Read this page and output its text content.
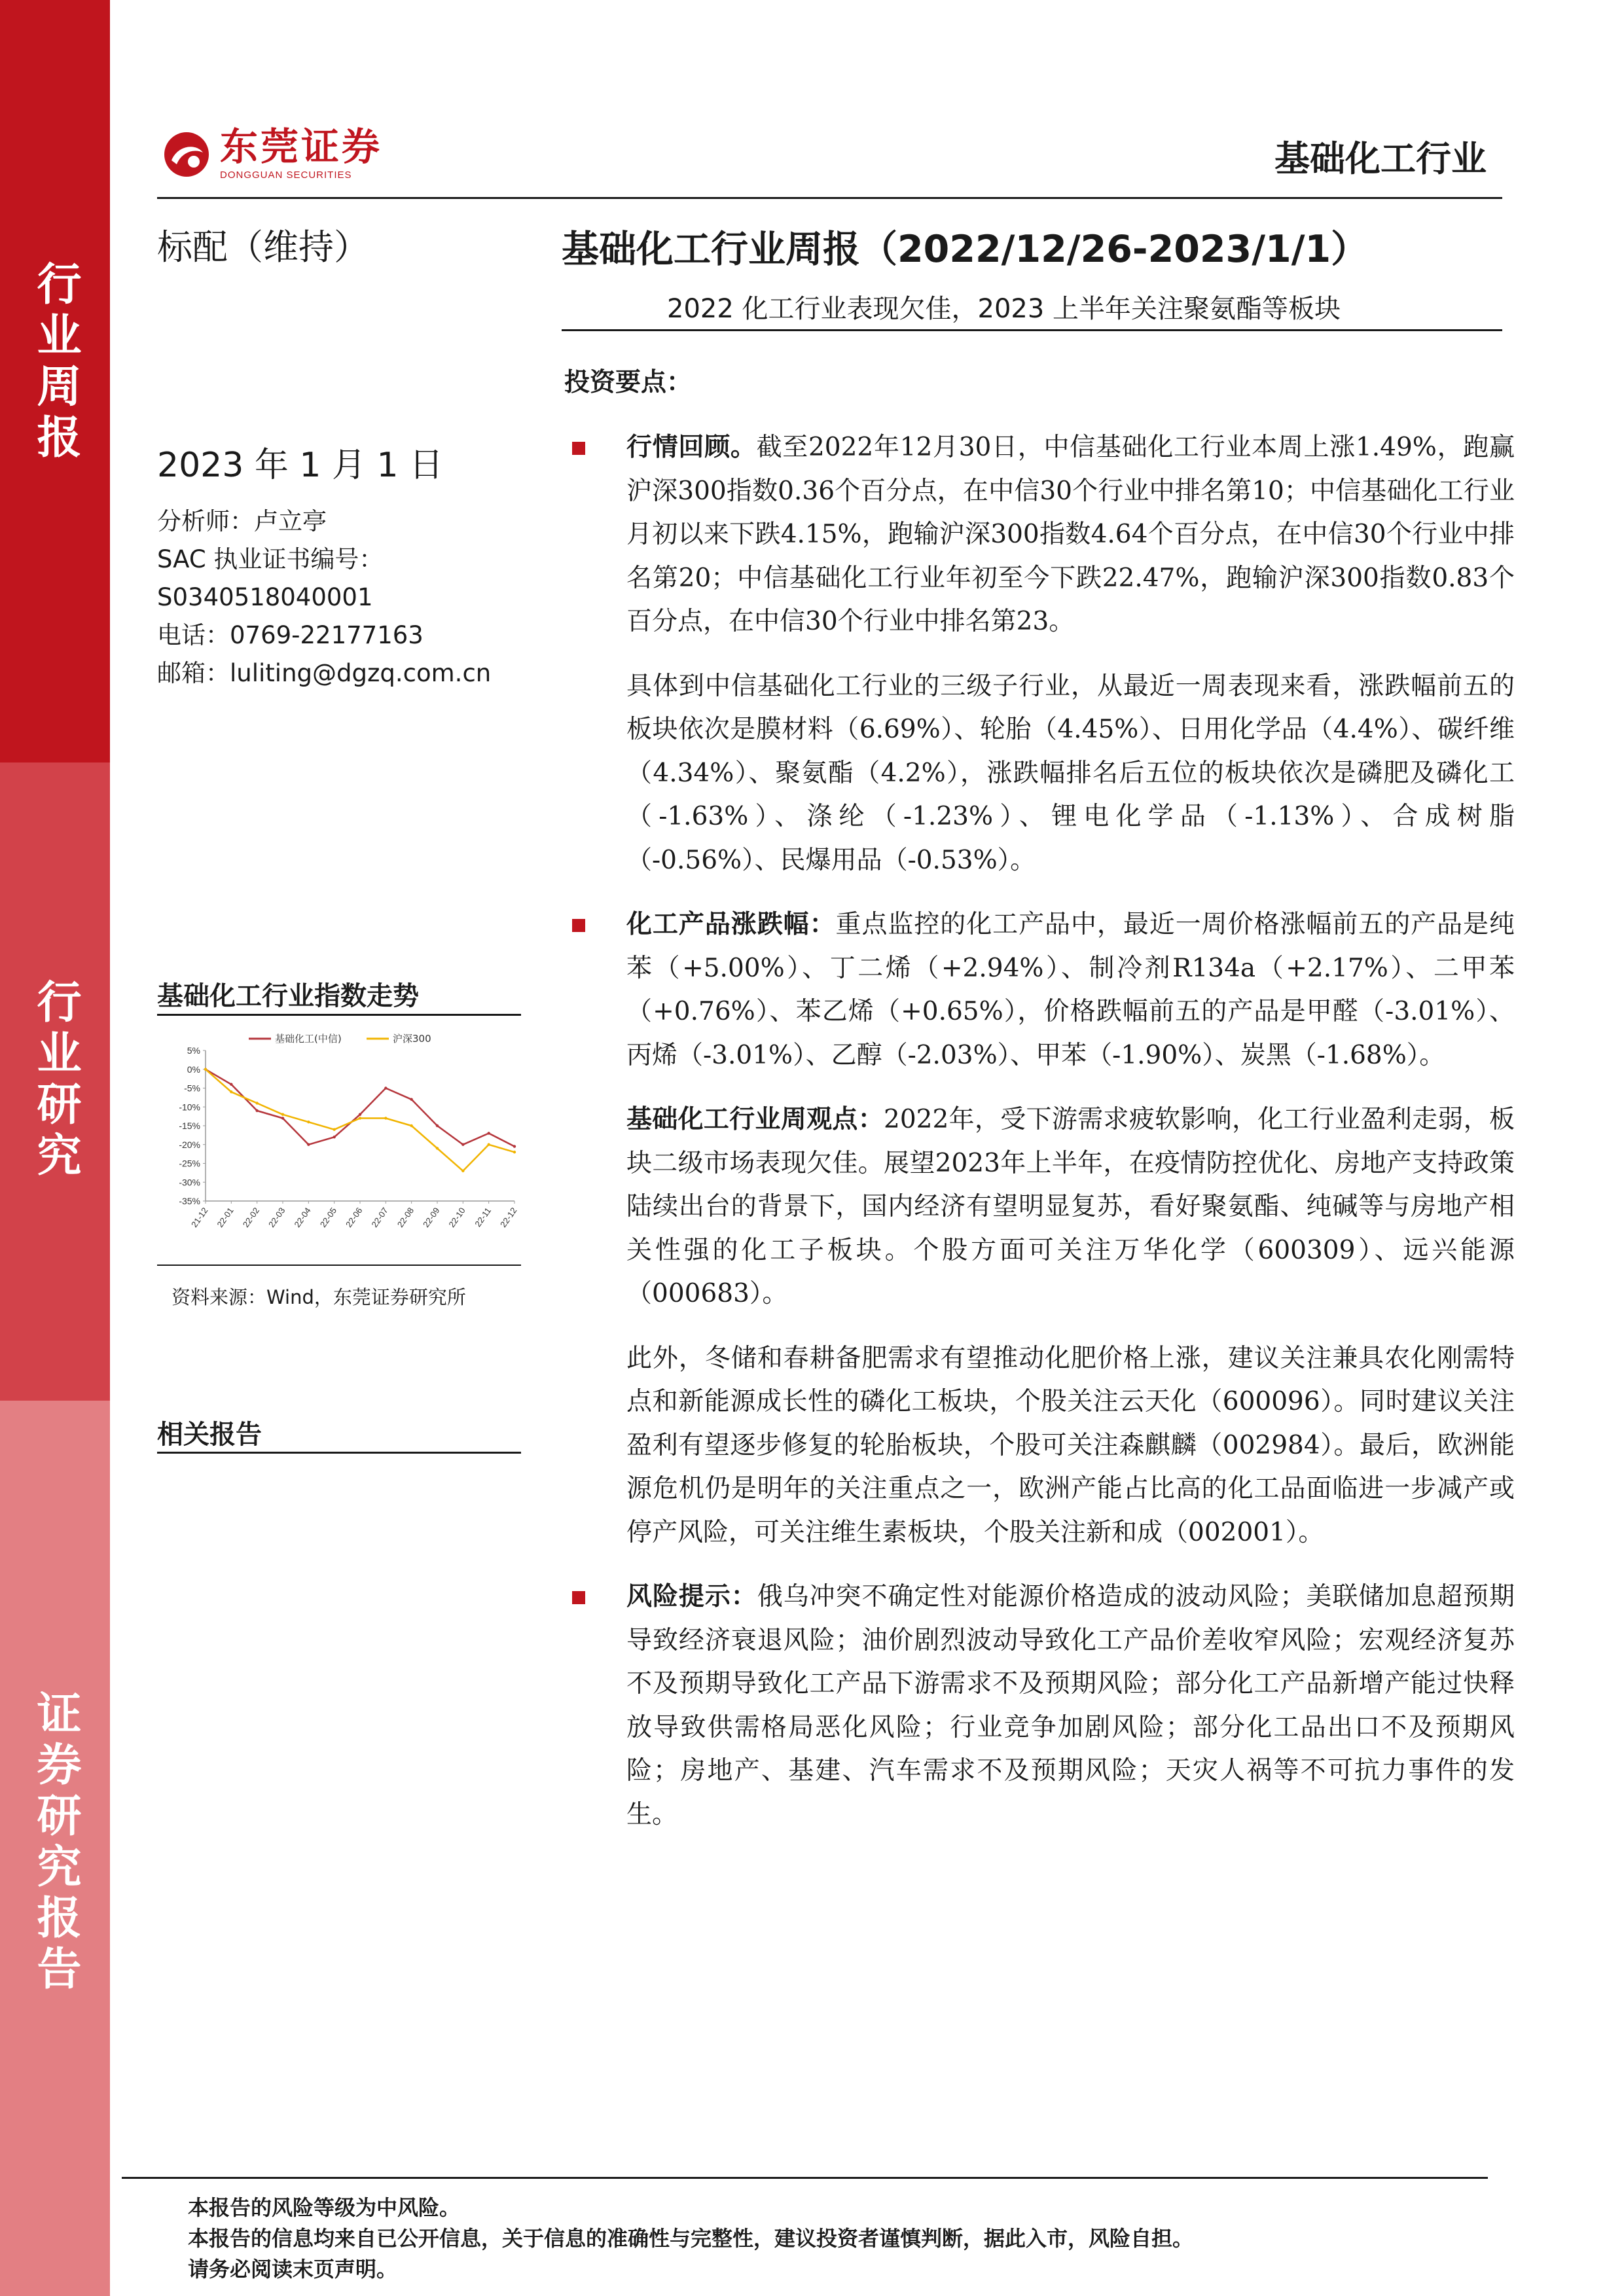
行业周报
行业研究
证券研究报告
东莞证券
DONGGUAN SECURITIES	基础化工行业
标配（维持）	基础化工行业周报（2022/12/26-2023/1/1）
2022 化工行业表现欠佳，2023 上半年关注聚氨酯等板块
2023 年 1 月 1 日
分析师：卢立亭
SAC 执业证书编号：
S0340518040001
电话：0769-22177163
邮箱：luliting@dgzq.com.cn
基础化工行业指数走势
5%
0%
-5%
-10%
-15%
-20%
-25%
-30%
-35%
21-12 22-01 22-02 22-03 22-04 22-05 22-06 22-07 22-08 22-09 22-10 22-11 22-12
基础化工(中信)	沪深300
资料来源：Wind，东莞证券研究所
相关报告
投资要点：
行情回顾。截至2022年12月30日，中信基础化工行业本周上涨1.49%，跑赢沪深300指数0.36个百分点，在中信30个行业中排名第10；中信基础化工行业月初以来下跌4.15%，跑输沪深300指数4.64个百分点，在中信30个行业中排名第20；中信基础化工行业年初至今下跌22.47%，跑输沪深300指数0.83个百分点，在中信30个行业中排名第23。
具体到中信基础化工行业的三级子行业，从最近一周表现来看，涨跌幅前五的板块依次是膜材料（6.69%）、轮胎（4.45%）、日用化学品（4.4%）、碳纤维（4.34%）、聚氨酯（4.2%），涨跌幅排名后五位的板块依次是磷肥及磷化工（-1.63%）、涤纶（-1.23%）、锂电化学品（-1.13%）、合成树脂（-0.56%）、民爆用品（-0.53%）。
化工产品涨跌幅：重点监控的化工产品中，最近一周价格涨幅前五的产品是纯苯（+5.00%）、丁二烯（+2.94%）、制冷剂R134a（+2.17%）、二甲苯（+0.76%）、苯乙烯（+0.65%），价格跌幅前五的产品是甲醛（-3.01%）、丙烯（-3.01%）、乙醇（-2.03%）、甲苯（-1.90%）、炭黑（-1.68%）。
基础化工行业周观点：2022年，受下游需求疲软影响，化工行业盈利走弱，板块二级市场表现欠佳。展望2023年上半年，在疫情防控优化、房地产支持政策陆续出台的背景下，国内经济有望明显复苏，看好聚氨酯、纯碱等与房地产相关性强的化工子板块。个股方面可关注万华化学（600309）、远兴能源（000683）。
此外，冬储和春耕备肥需求有望推动化肥价格上涨，建议关注兼具农化刚需特点和新能源成长性的磷化工板块，个股关注云天化（600096）。同时建议关注盈利有望逐步修复的轮胎板块，个股可关注森麒麟（002984）。最后，欧洲能源危机仍是明年的关注重点之一，欧洲产能占比高的化工品面临进一步减产或停产风险，可关注维生素板块，个股关注新和成（002001）。
风险提示：俄乌冲突不确定性对能源价格造成的波动风险；美联储加息超预期导致经济衰退风险；油价剧烈波动导致化工产品价差收窄风险；宏观经济复苏不及预期导致化工产品下游需求不及预期风险；部分化工产品新增产能过快释放导致供需格局恶化风险；行业竞争加剧风险；部分化工品出口不及预期风险；房地产、基建、汽车需求不及预期风险；天灾人祸等不可抗力事件的发生。
本报告的风险等级为中风险。
本报告的信息均来自已公开信息，关于信息的准确性与完整性，建议投资者谨慎判断，据此入市，风险自担。
请务必阅读末页声明。
